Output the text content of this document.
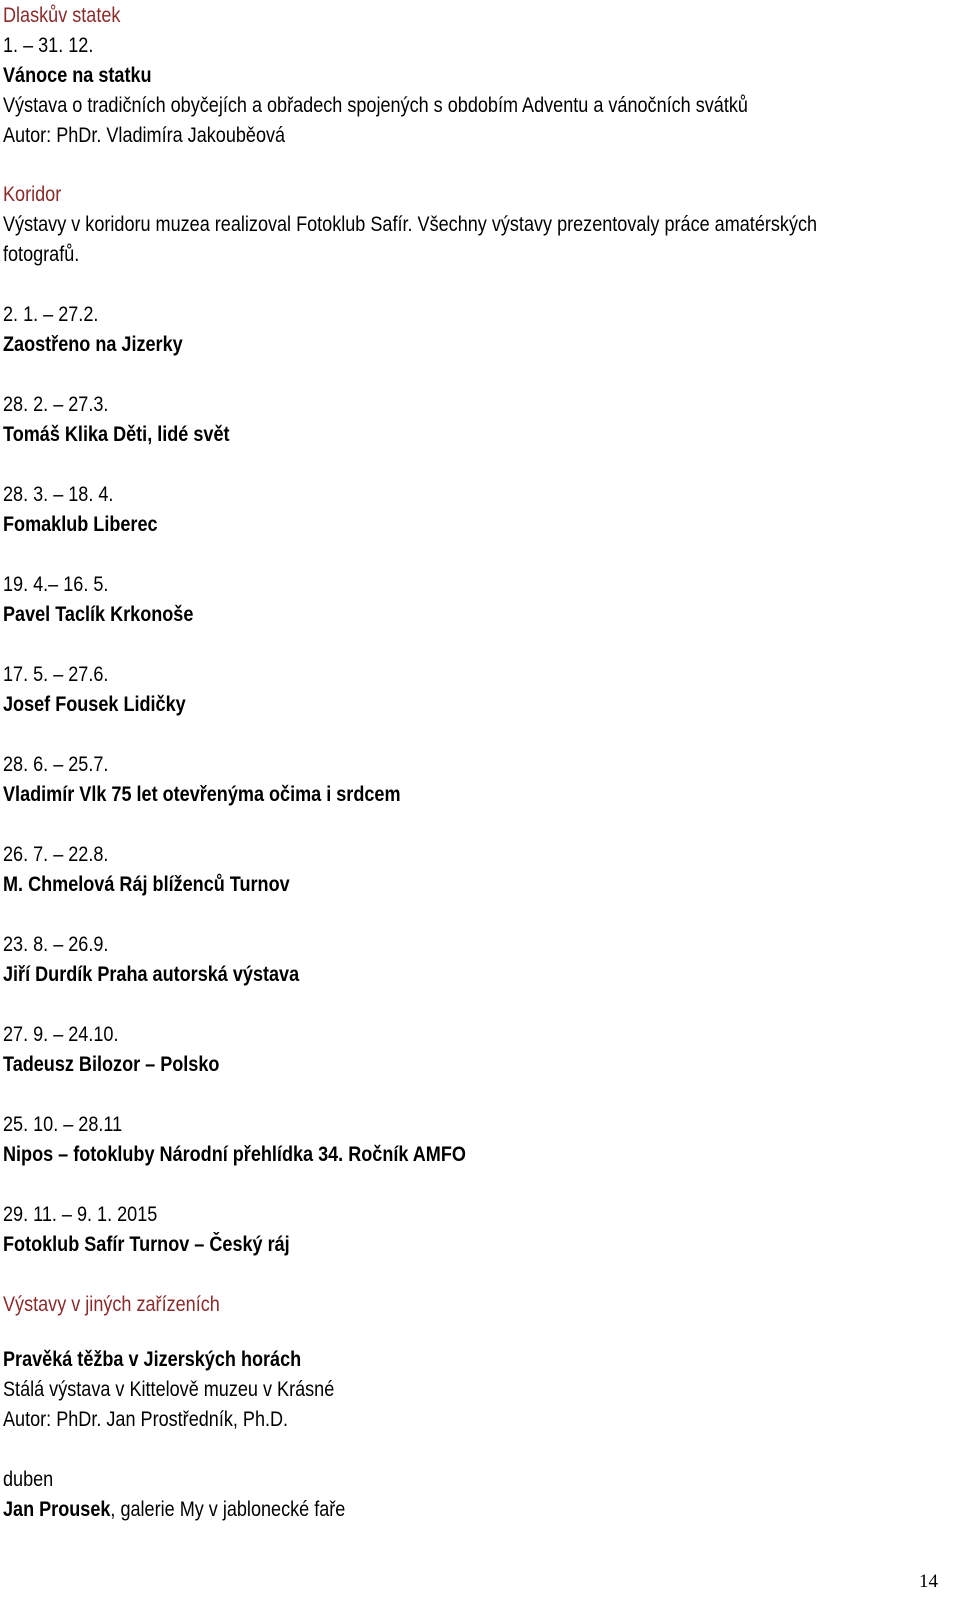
Dlaskův statek
1. – 31. 12.
Vánoce na statku
Výstava o tradičních obyčejích a obřadech spojených s obdobím Adventu a vánočních svátků
Autor: PhDr. Vladimíra Jakouběová
Koridor
Výstavy v koridoru muzea realizoval Fotoklub Safír. Všechny výstavy prezentovaly práce amatérských
fotografů.
2. 1. – 27.2.
Zaostřeno na Jizerky
28. 2. – 27.3.
Tomáš Klika Děti, lidé svět
28. 3. – 18. 4.
Fomaklub Liberec
19. 4.– 16. 5.
Pavel Taclík Krkonoše
17. 5. – 27.6.
Josef Fousek Lidičky
28. 6. – 25.7.
Vladimír Vlk 75 let otevřenýma očima i srdcem
26. 7. – 22.8.
M. Chmelová Ráj blíženců Turnov
23. 8. – 26.9.
Jiří Durdík Praha autorská výstava
27. 9. – 24.10.
Tadeusz Bilozor – Polsko
25. 10. – 28.11
Nipos – fotokluby Národní přehlídka 34. Ročník AMFO
29. 11. – 9. 1. 2015
Fotoklub Safír Turnov – Český ráj
Výstavy v jiných zařízeních
Pravěká těžba v Jizerských horách
Stálá výstava v Kittelově muzeu v Krásné
Autor: PhDr. Jan Prostředník, Ph.D.
duben
Jan Prousek, galerie My v jablonecké faře
14
